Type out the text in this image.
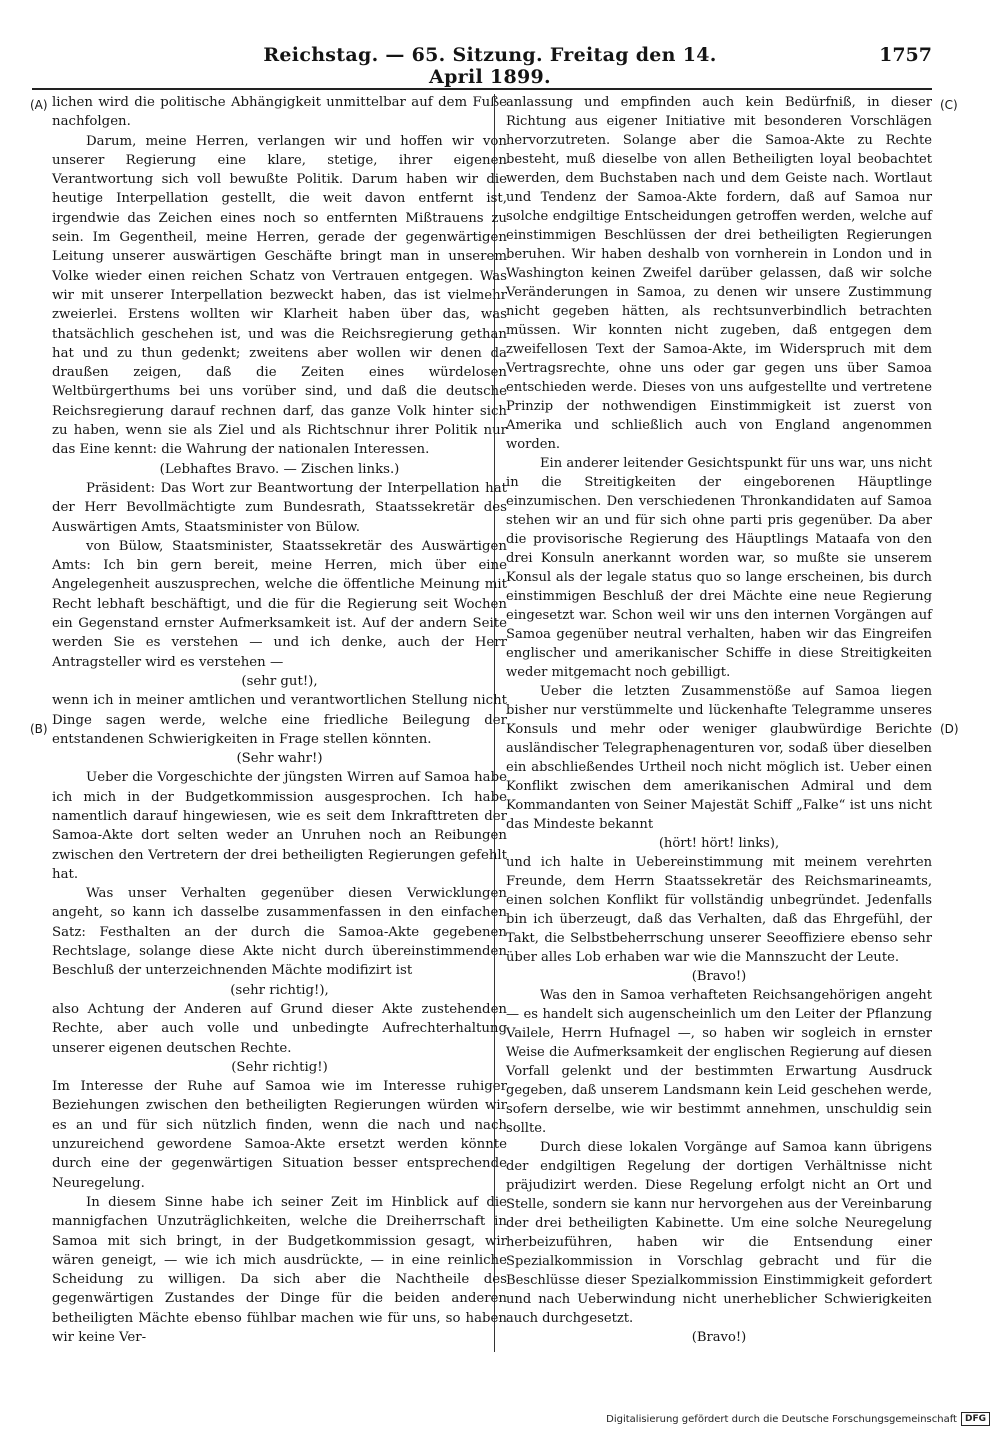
Reichstag. — 65. Sitzung. Freitag den 14. April 1899.
1757
(A)
(B)
(C)
(D)

lichen wird die politische Abhängigkeit unmittelbar auf dem Fuße nachfolgen.

Darum, meine Herren, verlangen wir und hoffen wir von unserer Regierung eine klare, stetige, ihrer eigenen Verantwortung sich voll bewußte Politik. Darum haben wir die heutige Interpellation gestellt, die weit davon entfernt ist, irgendwie das Zeichen eines noch so entfernten Mißtrauens zu sein. Im Gegentheil, meine Herren, gerade der gegenwärtigen Leitung unserer auswärtigen Geschäfte bringt man in unserem Volke wieder einen reichen Schatz von Vertrauen entgegen. Was wir mit unserer Interpellation bezweckt haben, das ist vielmehr zweierlei. Erstens wollten wir Klarheit haben über das, was thatsächlich geschehen ist, und was die Reichsregierung gethan hat und zu thun gedenkt; zweitens aber wollen wir denen da draußen zeigen, daß die Zeiten eines würdelosen Weltbürgerthums bei uns vorüber sind, und daß die deutsche Reichsregierung darauf rechnen darf, das ganze Volk hinter sich zu haben, wenn sie als Ziel und als Richtschnur ihrer Politik nur das Eine kennt: die Wahrung der nationalen Interessen.

(Lebhaftes Bravo. — Zischen links.)

Präsident: Das Wort zur Beantwortung der Interpellation hat der Herr Bevollmächtigte zum Bundesrath, Staatssekretär des Auswärtigen Amts, Staatsminister von Bülow.

von Bülow, Staatsminister, Staatssekretär des Auswärtigen Amts: Ich bin gern bereit, meine Herren, mich über eine Angelegenheit auszusprechen, welche die öffentliche Meinung mit Recht lebhaft beschäftigt, und die für die Regierung seit Wochen ein Gegenstand ernster Aufmerksamkeit ist. Auf der andern Seite werden Sie es verstehen — und ich denke, auch der Herr Antragsteller wird es verstehen —

(sehr gut!),

wenn ich in meiner amtlichen und verantwortlichen Stellung nicht Dinge sagen werde, welche eine friedliche Beilegung der entstandenen Schwierigkeiten in Frage stellen könnten.

(Sehr wahr!)

Ueber die Vorgeschichte der jüngsten Wirren auf Samoa habe ich mich in der Budgetkommission ausgesprochen. Ich habe namentlich darauf hingewiesen, wie es seit dem Inkrafttreten der Samoa-Akte dort selten weder an Unruhen noch an Reibungen zwischen den Vertretern der drei betheiligten Regierungen gefehlt hat.

Was unser Verhalten gegenüber diesen Verwicklungen angeht, so kann ich dasselbe zusammenfassen in den einfachen Satz: Festhalten an der durch die Samoa-Akte gegebenen Rechtslage, solange diese Akte nicht durch übereinstimmenden Beschluß der unterzeichnenden Mächte modifizirt ist

(sehr richtig!),

also Achtung der Anderen auf Grund dieser Akte zustehenden Rechte, aber auch volle und unbedingte Aufrechterhaltung unserer eigenen deutschen Rechte.

(Sehr richtig!)

Im Interesse der Ruhe auf Samoa wie im Interesse ruhiger Beziehungen zwischen den betheiligten Regierungen würden wir es an und für sich nützlich finden, wenn die nach und nach unzureichend gewordene Samoa-Akte ersetzt werden könnte durch eine der gegenwärtigen Situation besser entsprechende Neuregelung.

In diesem Sinne habe ich seiner Zeit im Hinblick auf die mannigfachen Unzuträglichkeiten, welche die Dreiherrschaft in Samoa mit sich bringt, in der Budgetkommission gesagt, wir wären geneigt, — wie ich mich ausdrückte, — in eine reinliche Scheidung zu willigen. Da sich aber die Nachtheile des gegenwärtigen Zustandes der Dinge für die beiden anderen betheiligten Mächte ebenso fühlbar machen wie für uns, so haben wir keine Ver-

anlassung und empfinden auch kein Bedürfniß, in dieser Richtung aus eigener Initiative mit besonderen Vorschlägen hervorzutreten. Solange aber die Samoa-Akte zu Rechte besteht, muß dieselbe von allen Betheiligten loyal beobachtet werden, dem Buchstaben nach und dem Geiste nach. Wortlaut und Tendenz der Samoa-Akte fordern, daß auf Samoa nur solche endgiltige Entscheidungen getroffen werden, welche auf einstimmigen Beschlüssen der drei betheiligten Regierungen beruhen. Wir haben deshalb von vornherein in London und in Washington keinen Zweifel darüber gelassen, daß wir solche Veränderungen in Samoa, zu denen wir unsere Zustimmung nicht gegeben hätten, als rechtsunverbindlich betrachten müssen. Wir konnten nicht zugeben, daß entgegen dem zweifellosen Text der Samoa-Akte, im Widerspruch mit dem Vertragsrechte, ohne uns oder gar gegen uns über Samoa entschieden werde. Dieses von uns aufgestellte und vertretene Prinzip der nothwendigen Einstimmigkeit ist zuerst von Amerika und schließlich auch von England angenommen worden.

Ein anderer leitender Gesichtspunkt für uns war, uns nicht in die Streitigkeiten der eingeborenen Häuptlinge einzumischen. Den verschiedenen Thronkandidaten auf Samoa stehen wir an und für sich ohne parti pris gegenüber. Da aber die provisorische Regierung des Häuptlings Mataafa von den drei Konsuln anerkannt worden war, so mußte sie unserem Konsul als der legale status quo so lange erscheinen, bis durch einstimmigen Beschluß der drei Mächte eine neue Regierung eingesetzt war. Schon weil wir uns den internen Vorgängen auf Samoa gegenüber neutral verhalten, haben wir das Eingreifen englischer und amerikanischer Schiffe in diese Streitigkeiten weder mitgemacht noch gebilligt.

Ueber die letzten Zusammenstöße auf Samoa liegen bisher nur verstümmelte und lückenhafte Telegramme unseres Konsuls und mehr oder weniger glaubwürdige Berichte ausländischer Telegraphenagenturen vor, sodaß über dieselben ein abschließendes Urtheil noch nicht möglich ist. Ueber einen Konflikt zwischen dem amerikanischen Admiral und dem Kommandanten von Seiner Majestät Schiff „Falke“ ist uns nicht das Mindeste bekannt

(hört! hört! links),

und ich halte in Uebereinstimmung mit meinem verehrten Freunde, dem Herrn Staatssekretär des Reichsmarineamts, einen solchen Konflikt für vollständig unbegründet. Jedenfalls bin ich überzeugt, daß das Verhalten, daß das Ehrgefühl, der Takt, die Selbstbeherrschung unserer Seeoffiziere ebenso sehr über alles Lob erhaben war wie die Mannszucht der Leute.

(Bravo!)

Was den in Samoa verhafteten Reichsangehörigen angeht — es handelt sich augenscheinlich um den Leiter der Pflanzung Vailele, Herrn Hufnagel —, so haben wir sogleich in ernster Weise die Aufmerksamkeit der englischen Regierung auf diesen Vorfall gelenkt und der bestimmten Erwartung Ausdruck gegeben, daß unserem Landsmann kein Leid geschehen werde, sofern derselbe, wie wir bestimmt annehmen, unschuldig sein sollte.

Durch diese lokalen Vorgänge auf Samoa kann übrigens der endgiltigen Regelung der dortigen Verhältnisse nicht präjudizirt werden. Diese Regelung erfolgt nicht an Ort und Stelle, sondern sie kann nur hervorgehen aus der Vereinbarung der drei betheiligten Kabinette. Um eine solche Neuregelung herbeizuführen, haben wir die Entsendung einer Spezialkommission in Vorschlag gebracht und für die Beschlüsse dieser Spezialkommission Einstimmigkeit gefordert und nach Ueberwindung nicht unerheblicher Schwierigkeiten auch durchgesetzt.

(Bravo!)

Digitalisierung gefördert durch die Deutsche Forschungsgemeinschaft DFG
